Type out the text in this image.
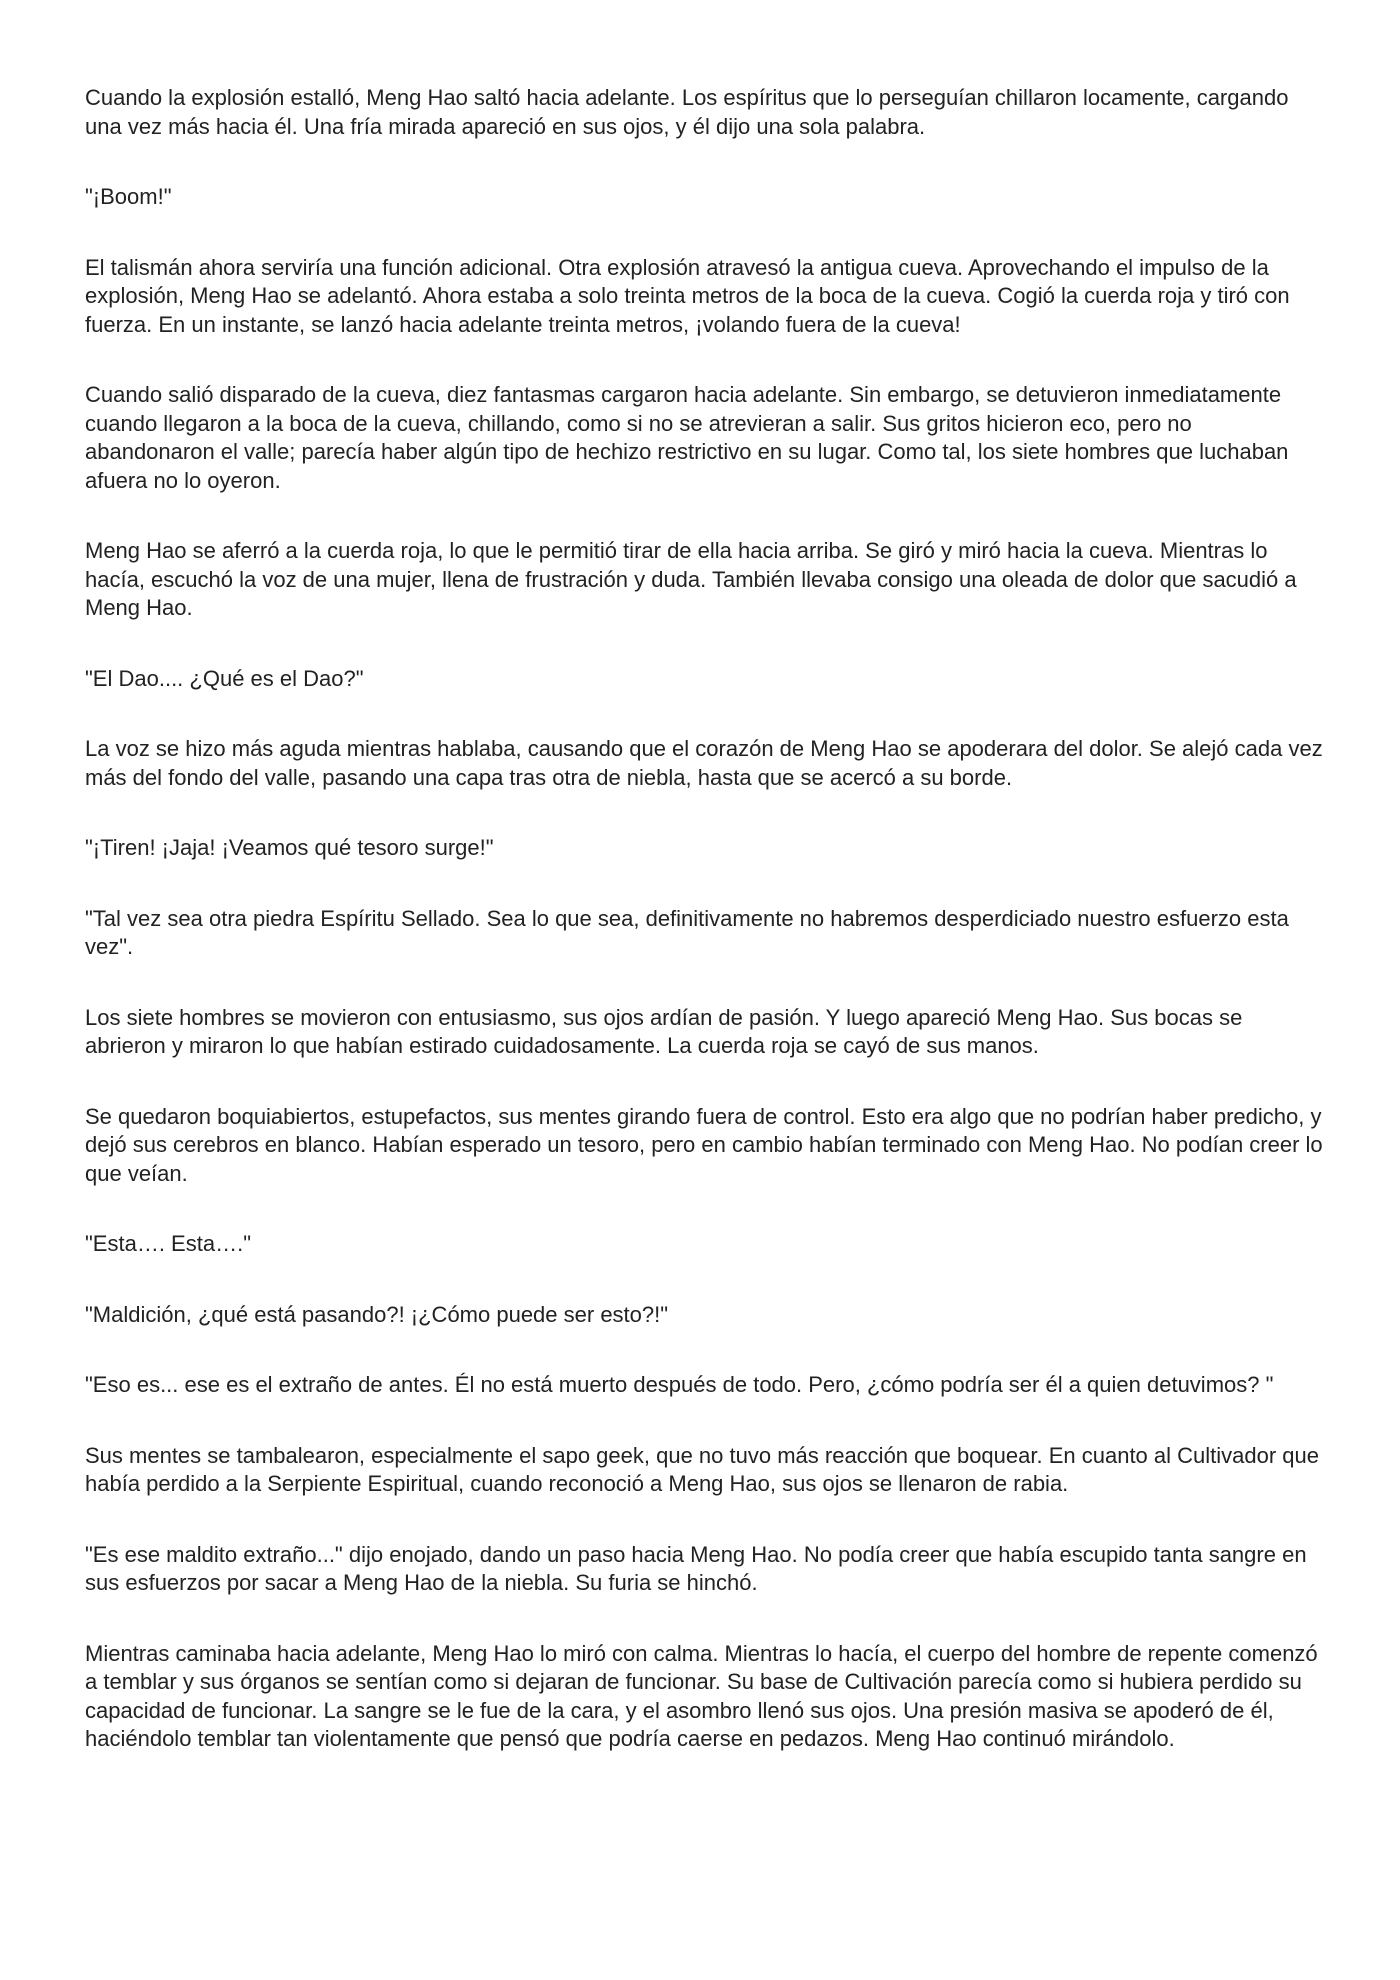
Cuando la explosión estalló, Meng Hao saltó hacia adelante. Los espíritus que lo perseguían chillaron locamente, cargando una vez más hacia él. Una fría mirada apareció en sus ojos, y él dijo una sola palabra.

"¡Boom!"

El talismán ahora serviría una función adicional. Otra explosión atravesó la antigua cueva. Aprovechando el impulso de la explosión, Meng Hao se adelantó. Ahora estaba a solo treinta metros de la boca de la cueva. Cogió la cuerda roja y tiró con fuerza. En un instante, se lanzó hacia adelante treinta metros, ¡volando fuera de la cueva!

Cuando salió disparado de la cueva, diez fantasmas cargaron hacia adelante. Sin embargo, se detuvieron inmediatamente cuando llegaron a la boca de la cueva, chillando, como si no se atrevieran a salir. Sus gritos hicieron eco, pero no abandonaron el valle; parecía haber algún tipo de hechizo restrictivo en su lugar. Como tal, los siete hombres que luchaban afuera no lo oyeron.

Meng Hao se aferró a la cuerda roja, lo que le permitió tirar de ella hacia arriba. Se giró y miró hacia la cueva. Mientras lo hacía, escuchó la voz de una mujer, llena de frustración y duda. También llevaba consigo una oleada de dolor que sacudió a Meng Hao.

"El Dao.... ¿Qué es el Dao?"

La voz se hizo más aguda mientras hablaba, causando que el corazón de Meng Hao se apoderara del dolor. Se alejó cada vez más del fondo del valle, pasando una capa tras otra de niebla, hasta que se acercó a su borde.

"¡Tiren! ¡Jaja! ¡Veamos qué tesoro surge!"

"Tal vez sea otra piedra Espíritu Sellado. Sea lo que sea, definitivamente no habremos desperdiciado nuestro esfuerzo esta vez".

Los siete hombres se movieron con entusiasmo, sus ojos ardían de pasión. Y luego apareció Meng Hao. Sus bocas se abrieron y miraron lo que habían estirado cuidadosamente. La cuerda roja se cayó de sus manos.

Se quedaron boquiabiertos, estupefactos, sus mentes girando fuera de control. Esto era algo que no podrían haber predicho, y dejó sus cerebros en blanco. Habían esperado un tesoro, pero en cambio habían terminado con Meng Hao. No podían creer lo que veían.

"Esta…. Esta…."

"Maldición, ¿qué está pasando?! ¡¿Cómo puede ser esto?!"

"Eso es... ese es el extraño de antes. Él no está muerto después de todo. Pero, ¿cómo podría ser él a quien detuvimos? "

Sus mentes se tambalearon, especialmente el sapo geek, que no tuvo más reacción que boquear. En cuanto al Cultivador que había perdido a la Serpiente Espiritual, cuando reconoció a Meng Hao, sus ojos se llenaron de rabia.

"Es ese maldito extraño..." dijo enojado, dando un paso hacia Meng Hao. No podía creer que había escupido tanta sangre en sus esfuerzos por sacar a Meng Hao de la niebla. Su furia se hinchó.

Mientras caminaba hacia adelante, Meng Hao lo miró con calma. Mientras lo hacía, el cuerpo del hombre de repente comenzó a temblar y sus órganos se sentían como si dejaran de funcionar. Su base de Cultivación parecía como si hubiera perdido su capacidad de funcionar. La sangre se le fue de la cara, y el asombro llenó sus ojos. Una presión masiva se apoderó de él, haciéndolo temblar tan violentamente que pensó que podría caerse en pedazos. Meng Hao continuó mirándolo.
